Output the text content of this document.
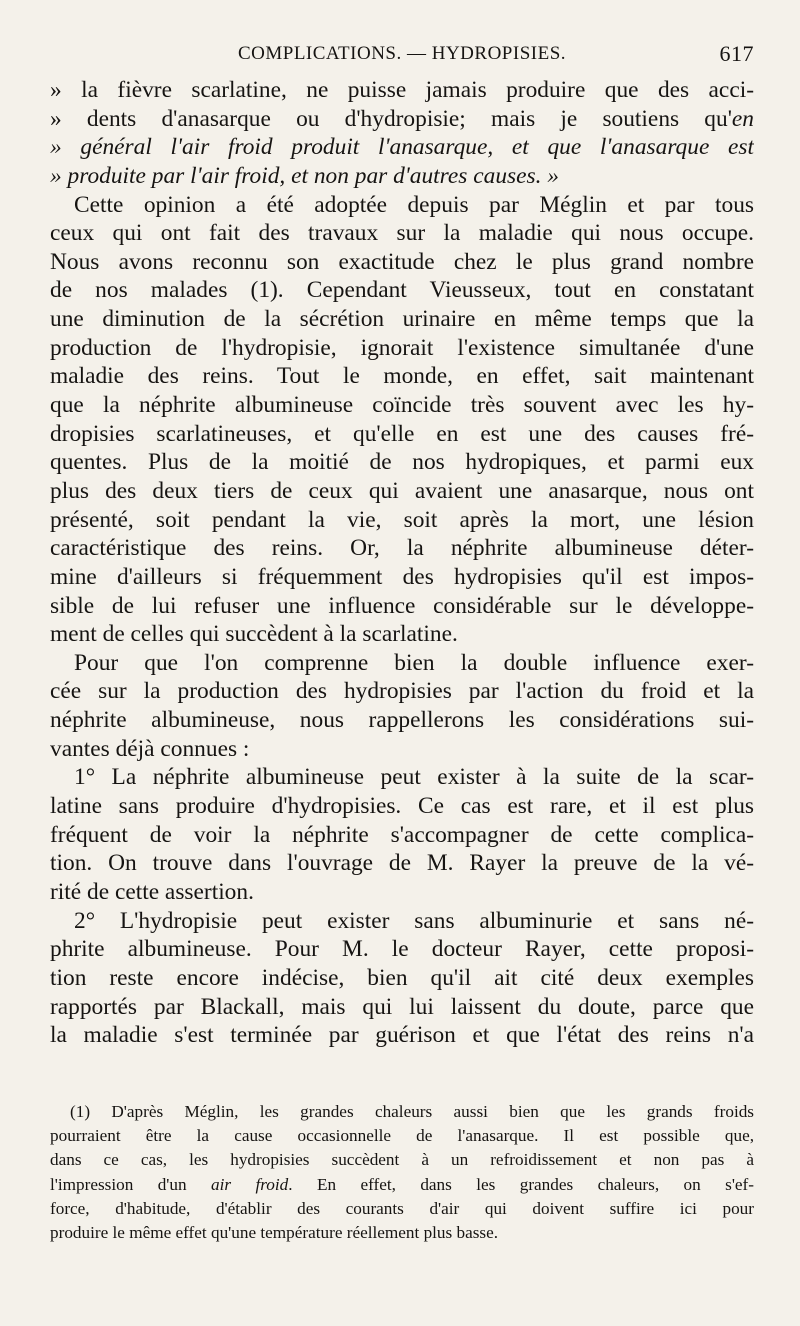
COMPLICATIONS. — HYDROPISIES.	617
» la fièvre scarlatine, ne puisse jamais produire que des acci-
» dents d'anasarque ou d'hydropisie; mais je soutiens qu'en
» général l'air froid produit l'anasarque, et que l'anasarque est
» produite par l'air froid, et non par d'autres causes. »
Cette opinion a été adoptée depuis par Méglin et par tous
ceux qui ont fait des travaux sur la maladie qui nous occupe.
Nous avons reconnu son exactitude chez le plus grand nombre
de nos malades (1). Cependant Vieusseux, tout en constatant
une diminution de la sécrétion urinaire en même temps que la
production de l'hydropisie, ignorait l'existence simultanée d'une
maladie des reins. Tout le monde, en effet, sait maintenant
que la néphrite albumineuse coïncide très souvent avec les hy-
dropisies scarlatineuses, et qu'elle en est une des causes fré-
quentes. Plus de la moitié de nos hydropiques, et parmi eux
plus des deux tiers de ceux qui avaient une anasarque, nous ont
présenté, soit pendant la vie, soit après la mort, une lésion
caractéristique des reins. Or, la néphrite albumineuse déter-
mine d'ailleurs si fréquemment des hydropisies qu'il est impos-
sible de lui refuser une influence considérable sur le développe-
ment de celles qui succèdent à la scarlatine.
Pour que l'on comprenne bien la double influence exer-
cée sur la production des hydropisies par l'action du froid et la
néphrite albumineuse, nous rappellerons les considérations sui-
vantes déjà connues :
1° La néphrite albumineuse peut exister à la suite de la scar-
latine sans produire d'hydropisies. Ce cas est rare, et il est plus
fréquent de voir la néphrite s'accompagner de cette complica-
tion. On trouve dans l'ouvrage de M. Rayer la preuve de la vé-
rité de cette assertion.
2° L'hydropisie peut exister sans albuminurie et sans né-
phrite albumineuse. Pour M. le docteur Rayer, cette proposi-
tion reste encore indécise, bien qu'il ait cité deux exemples
rapportés par Blackall, mais qui lui laissent du doute, parce que
la maladie s'est terminée par guérison et que l'état des reins n'a
(1) D'après Méglin, les grandes chaleurs aussi bien que les grands froids
pourraient être la cause occasionnelle de l'anasarque. Il est possible que,
dans ce cas, les hydropisies succèdent à un refroidissement et non pas à
l'impression d'un air froid. En effet, dans les grandes chaleurs, on s'ef-
force, d'habitude, d'établir des courants d'air qui doivent suffire ici pour
produire le même effet qu'une température réellement plus basse.
